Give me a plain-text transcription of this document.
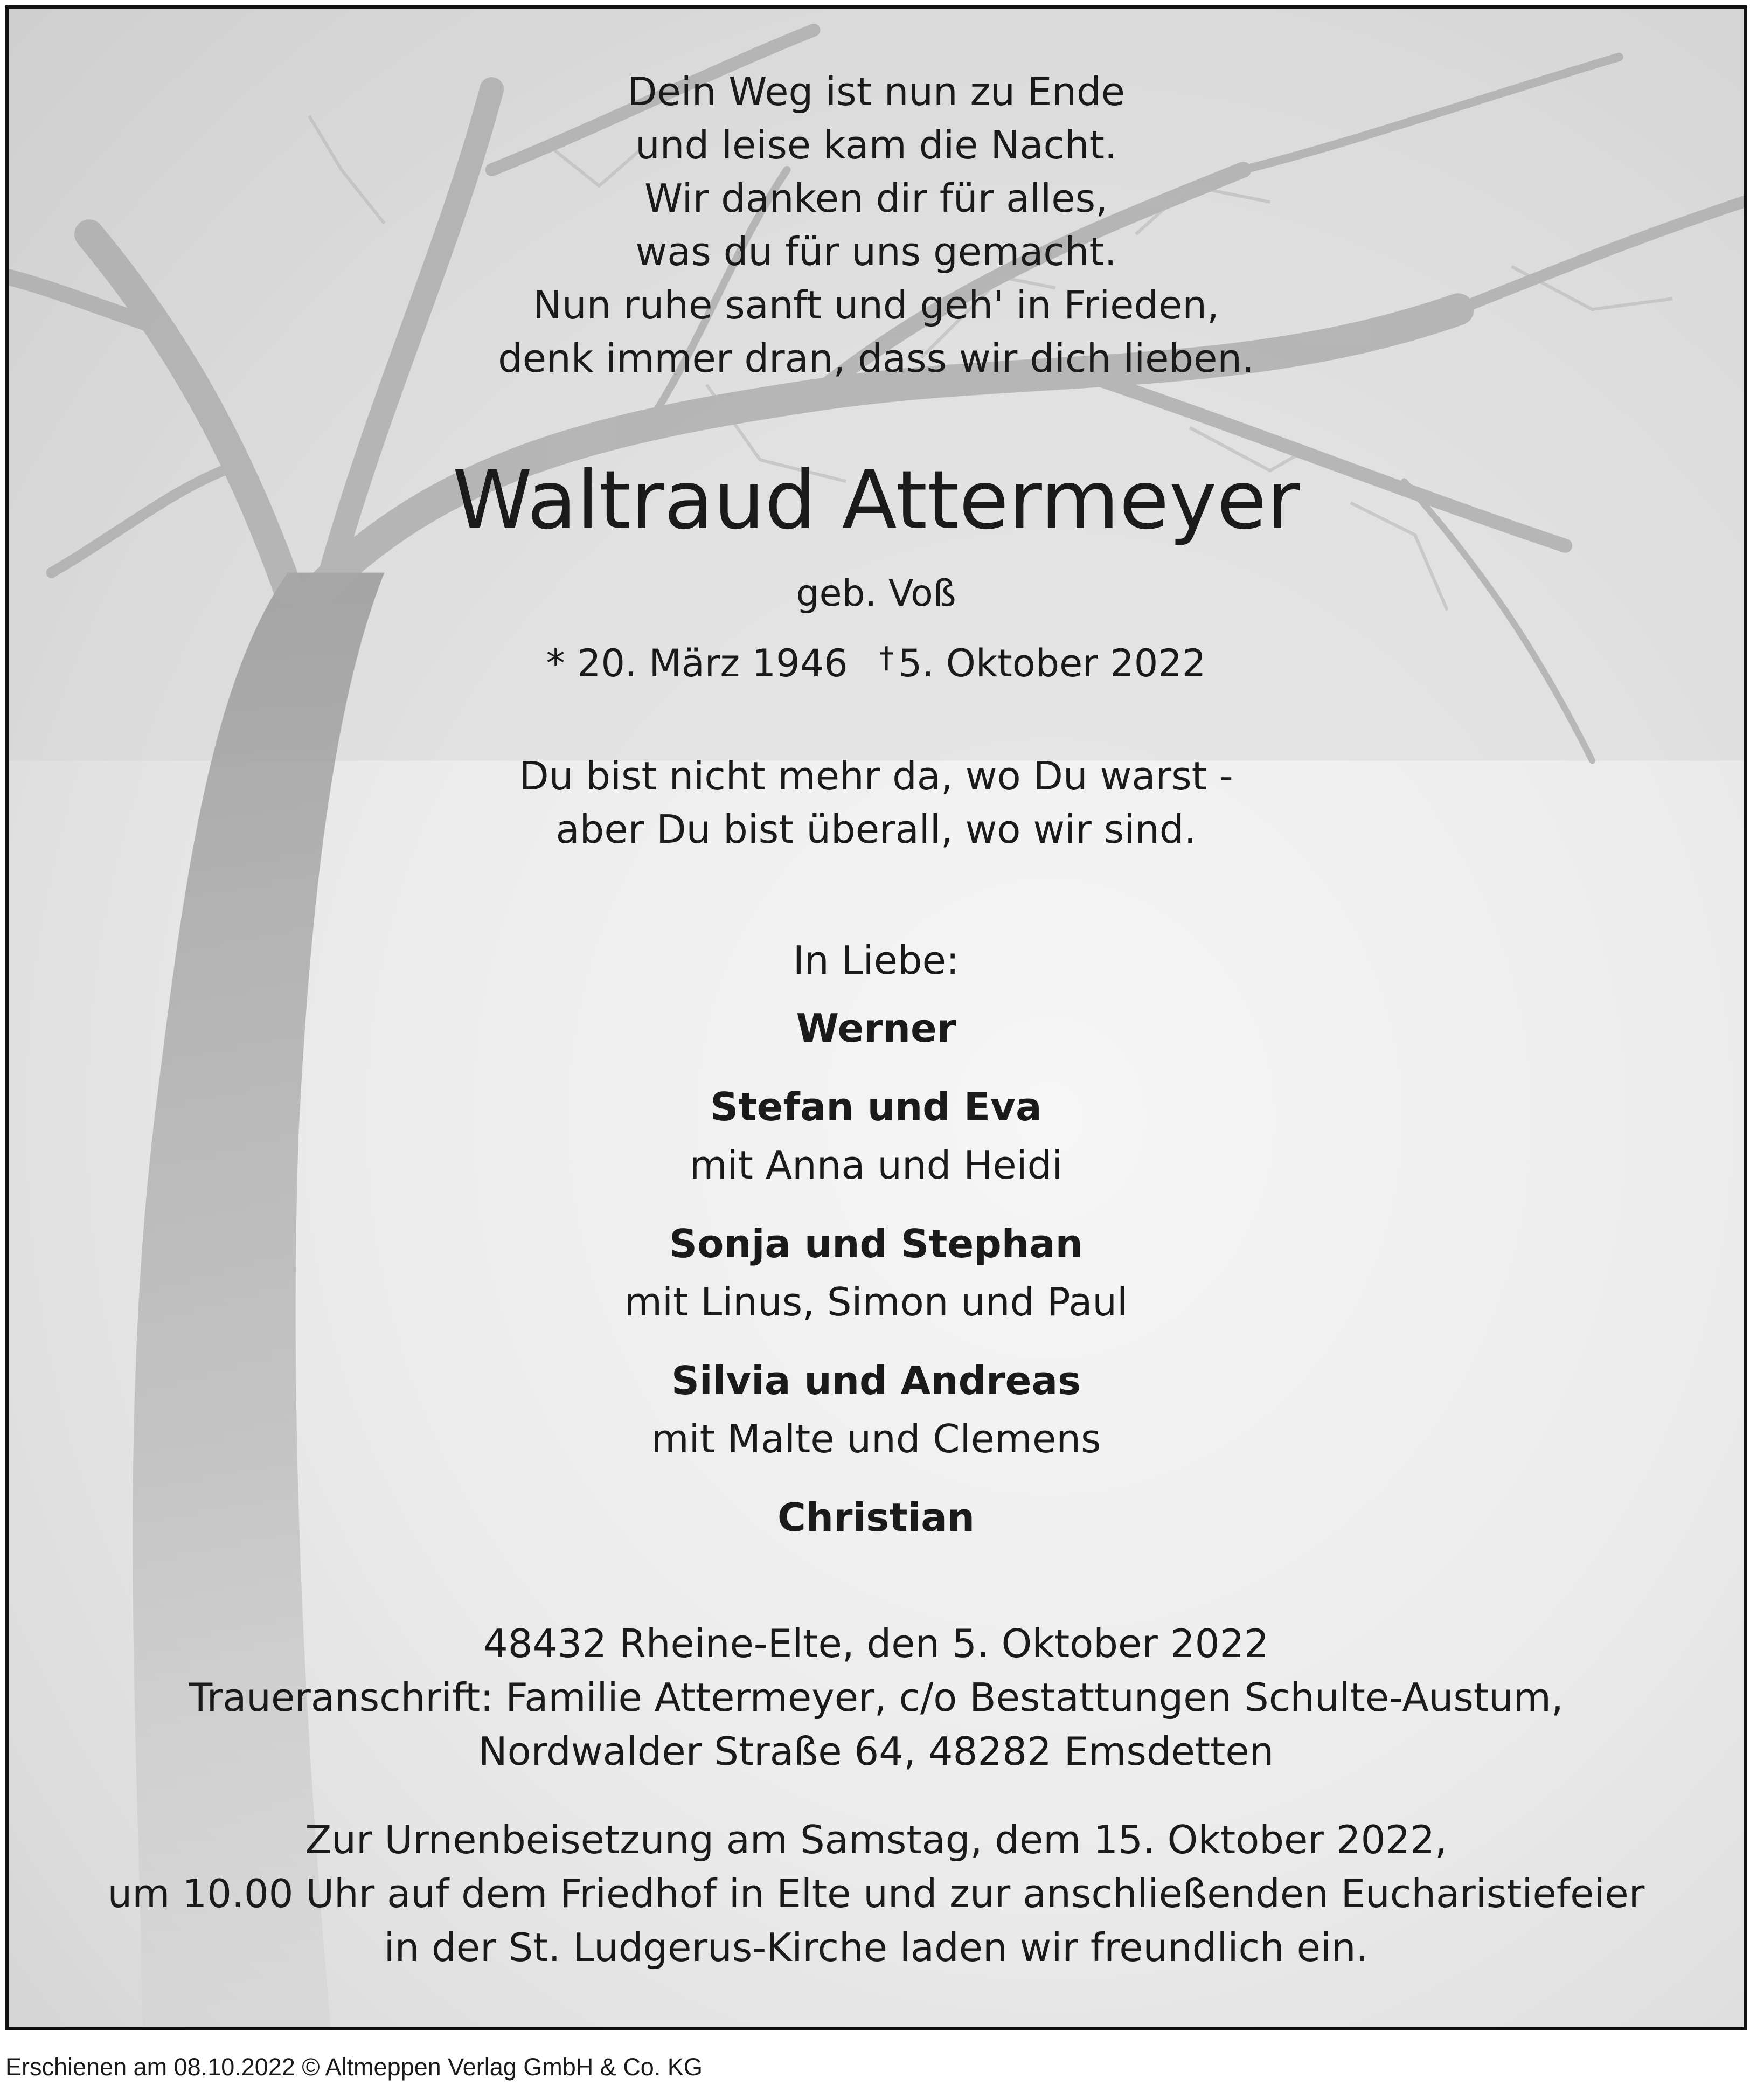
Dein Weg ist nun zu Ende
und leise kam die Nacht.
Wir danken dir für alles,
was du für uns gemacht.
Nun ruhe sanft und geh' in Frieden,
denk immer dran, dass wir dich lieben.
Waltraud Attermeyer
geb. Voß
* 20. März 1946 † 5. Oktober 2022
Du bist nicht mehr da, wo Du warst -
aber Du bist überall, wo wir sind.
In Liebe:
Werner
Stefan und Eva
mit Anna und Heidi
Sonja und Stephan
mit Linus, Simon und Paul
Silvia und Andreas
mit Malte und Clemens
Christian
48432 Rheine-Elte, den 5. Oktober 2022
Traueranschrift: Familie Attermeyer, c/o Bestattungen Schulte-Austum,
Nordwalder Straße 64, 48282 Emsdetten
Zur Urnenbeisetzung am Samstag, dem 15. Oktober 2022,
um 10.00 Uhr auf dem Friedhof in Elte und zur anschließenden Eucharistiefeier
in der St. Ludgerus-Kirche laden wir freundlich ein.
Erschienen am 08.10.2022 © Altmeppen Verlag GmbH & Co. KG
